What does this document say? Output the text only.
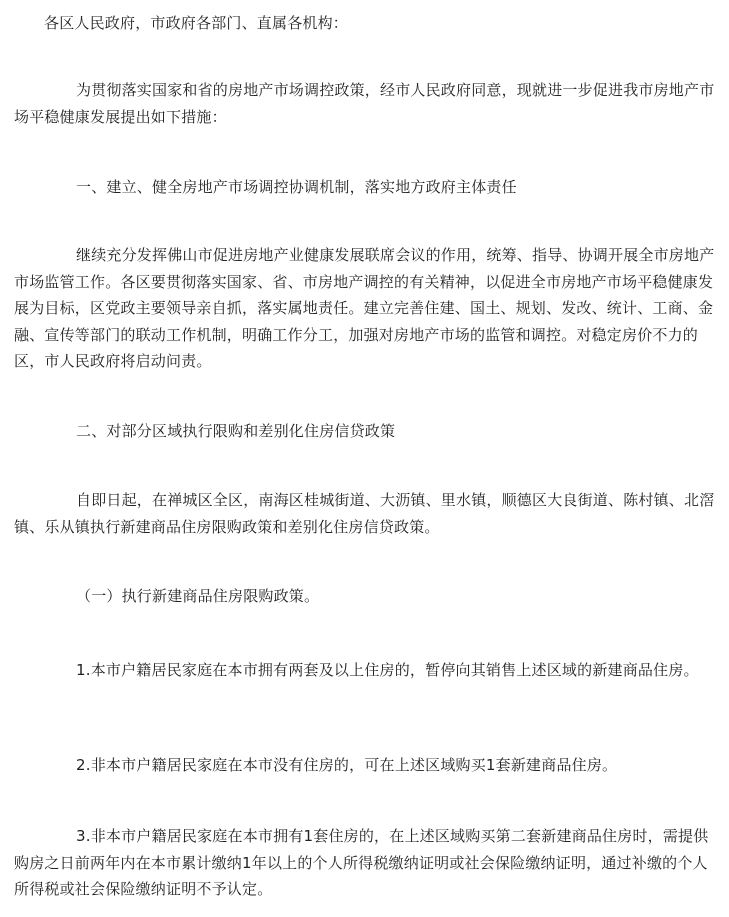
各区人民政府，市政府各部门、直属各机构：

为贯彻落实国家和省的房地产市场调控政策，经市人民政府同意，现就进一步促进我市房地产市场平稳健康发展提出如下措施：

一、建立、健全房地产市场调控协调机制，落实地方政府主体责任

继续充分发挥佛山市促进房地产业健康发展联席会议的作用，统筹、指导、协调开展全市房地产市场监管工作。各区要贯彻落实国家、省、市房地产调控的有关精神，以促进全市房地产市场平稳健康发展为目标，区党政主要领导亲自抓，落实属地责任。建立完善住建、国土、规划、发改、统计、工商、金融、宣传等部门的联动工作机制，明确工作分工，加强对房地产市场的监管和调控。对稳定房价不力的区，市人民政府将启动问责。

二、对部分区域执行限购和差别化住房信贷政策

自即日起，在禅城区全区，南海区桂城街道、大沥镇、里水镇，顺德区大良街道、陈村镇、北滘镇、乐从镇执行新建商品住房限购政策和差别化住房信贷政策。

（一）执行新建商品住房限购政策。

1.本市户籍居民家庭在本市拥有两套及以上住房的，暂停向其销售上述区域的新建商品住房。

2.非本市户籍居民家庭在本市没有住房的，可在上述区域购买1套新建商品住房。

3.非本市户籍居民家庭在本市拥有1套住房的，在上述区域购买第二套新建商品住房时，需提供购房之日前两年内在本市累计缴纳1年以上的个人所得税缴纳证明或社会保险缴纳证明，通过补缴的个人所得税或社会保险缴纳证明不予认定。
